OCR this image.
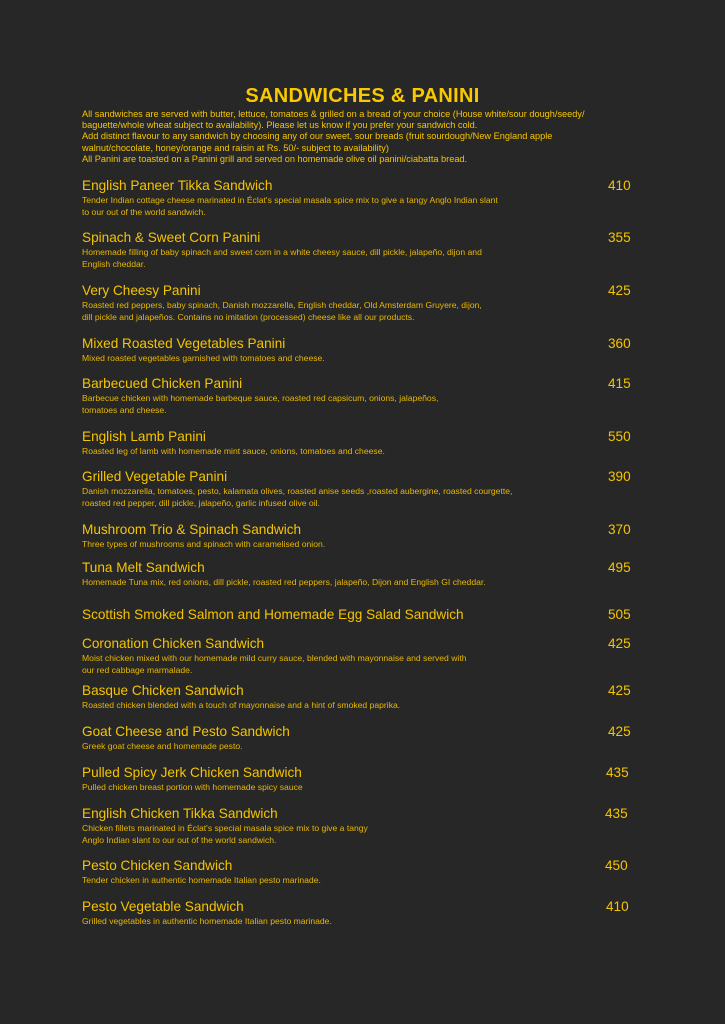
SANDWICHES & PANINI

All sandwiches are served with butter, lettuce, tomatoes & grilled on a bread of your choice (House white/sour dough/seedy/

baguette/whole wheat subject to availability). Please let us know if you prefer your sandwich cold.

Add distinct flavour to any sandwich by choosing any of our sweet, sour breads (fruit sourdough/New England apple

walnut/chocolate, honey/orange and raisin at Rs. 50/- subject to availability)

All Panini are toasted on a Panini grill and served on homemade olive oil panini/ciabatta bread.

English Paneer Tikka Sandwich	410
Tender Indian cottage cheese marinated in Éclat's special masala spice mix to give a tangy Anglo Indian slant
to our out of the world sandwich.
Spinach & Sweet Corn Panini	355
Homemade filling of baby spinach and sweet corn in a white cheesy sauce, dill pickle, jalapeño, dijon and
English cheddar.
Very Cheesy Panini	425
Roasted red peppers, baby spinach, Danish mozzarella, English cheddar, Old Amsterdam Gruyere, dijon,
dill pickle and jalapeños. Contains no imitation (processed) cheese like all our products.
Mixed Roasted Vegetables Panini	360
Mixed roasted vegetables garnished with tomatoes and cheese.
Barbecued Chicken Panini	415
Barbecue chicken with homemade barbeque sauce, roasted red capsicum, onions, jalapeños,
tomatoes and cheese.
English Lamb Panini	550
Roasted leg of lamb with homemade mint sauce, onions, tomatoes and cheese.
Grilled Vegetable Panini	390
Danish mozzarella, tomatoes, pesto, kalamata olives, roasted anise seeds ,roasted aubergine, roasted courgette,
roasted red pepper, dill pickle, jalapeño, garlic infused olive oil.
Mushroom Trio & Spinach Sandwich	370
Three types of mushrooms and spinach with caramelised onion.
Tuna Melt Sandwich	495
Homemade Tuna mix, red onions, dill pickle, roasted red peppers, jalapeño, Dijon and English GI cheddar.
Scottish Smoked Salmon and Homemade Egg Salad Sandwich	505
Coronation Chicken Sandwich	425
Moist chicken mixed with our homemade mild curry sauce, blended with mayonnaise and served with
our red cabbage marmalade.
Basque Chicken Sandwich	425
Roasted chicken blended with a touch of mayonnaise and a hint of smoked paprika.
Goat Cheese and Pesto Sandwich	425
Greek goat cheese and homemade pesto.
Pulled Spicy Jerk Chicken Sandwich	435
Pulled chicken breast portion with homemade spicy sauce
English Chicken Tikka Sandwich	435
Chicken fillets marinated in Éclat's special masala spice mix to give a tangy
Anglo Indian slant to our out of the world sandwich.
Pesto Chicken Sandwich	450
Tender chicken in authentic homemade Italian pesto marinade.
Pesto Vegetable Sandwich	410
Grilled vegetables in authentic homemade Italian pesto marinade.
